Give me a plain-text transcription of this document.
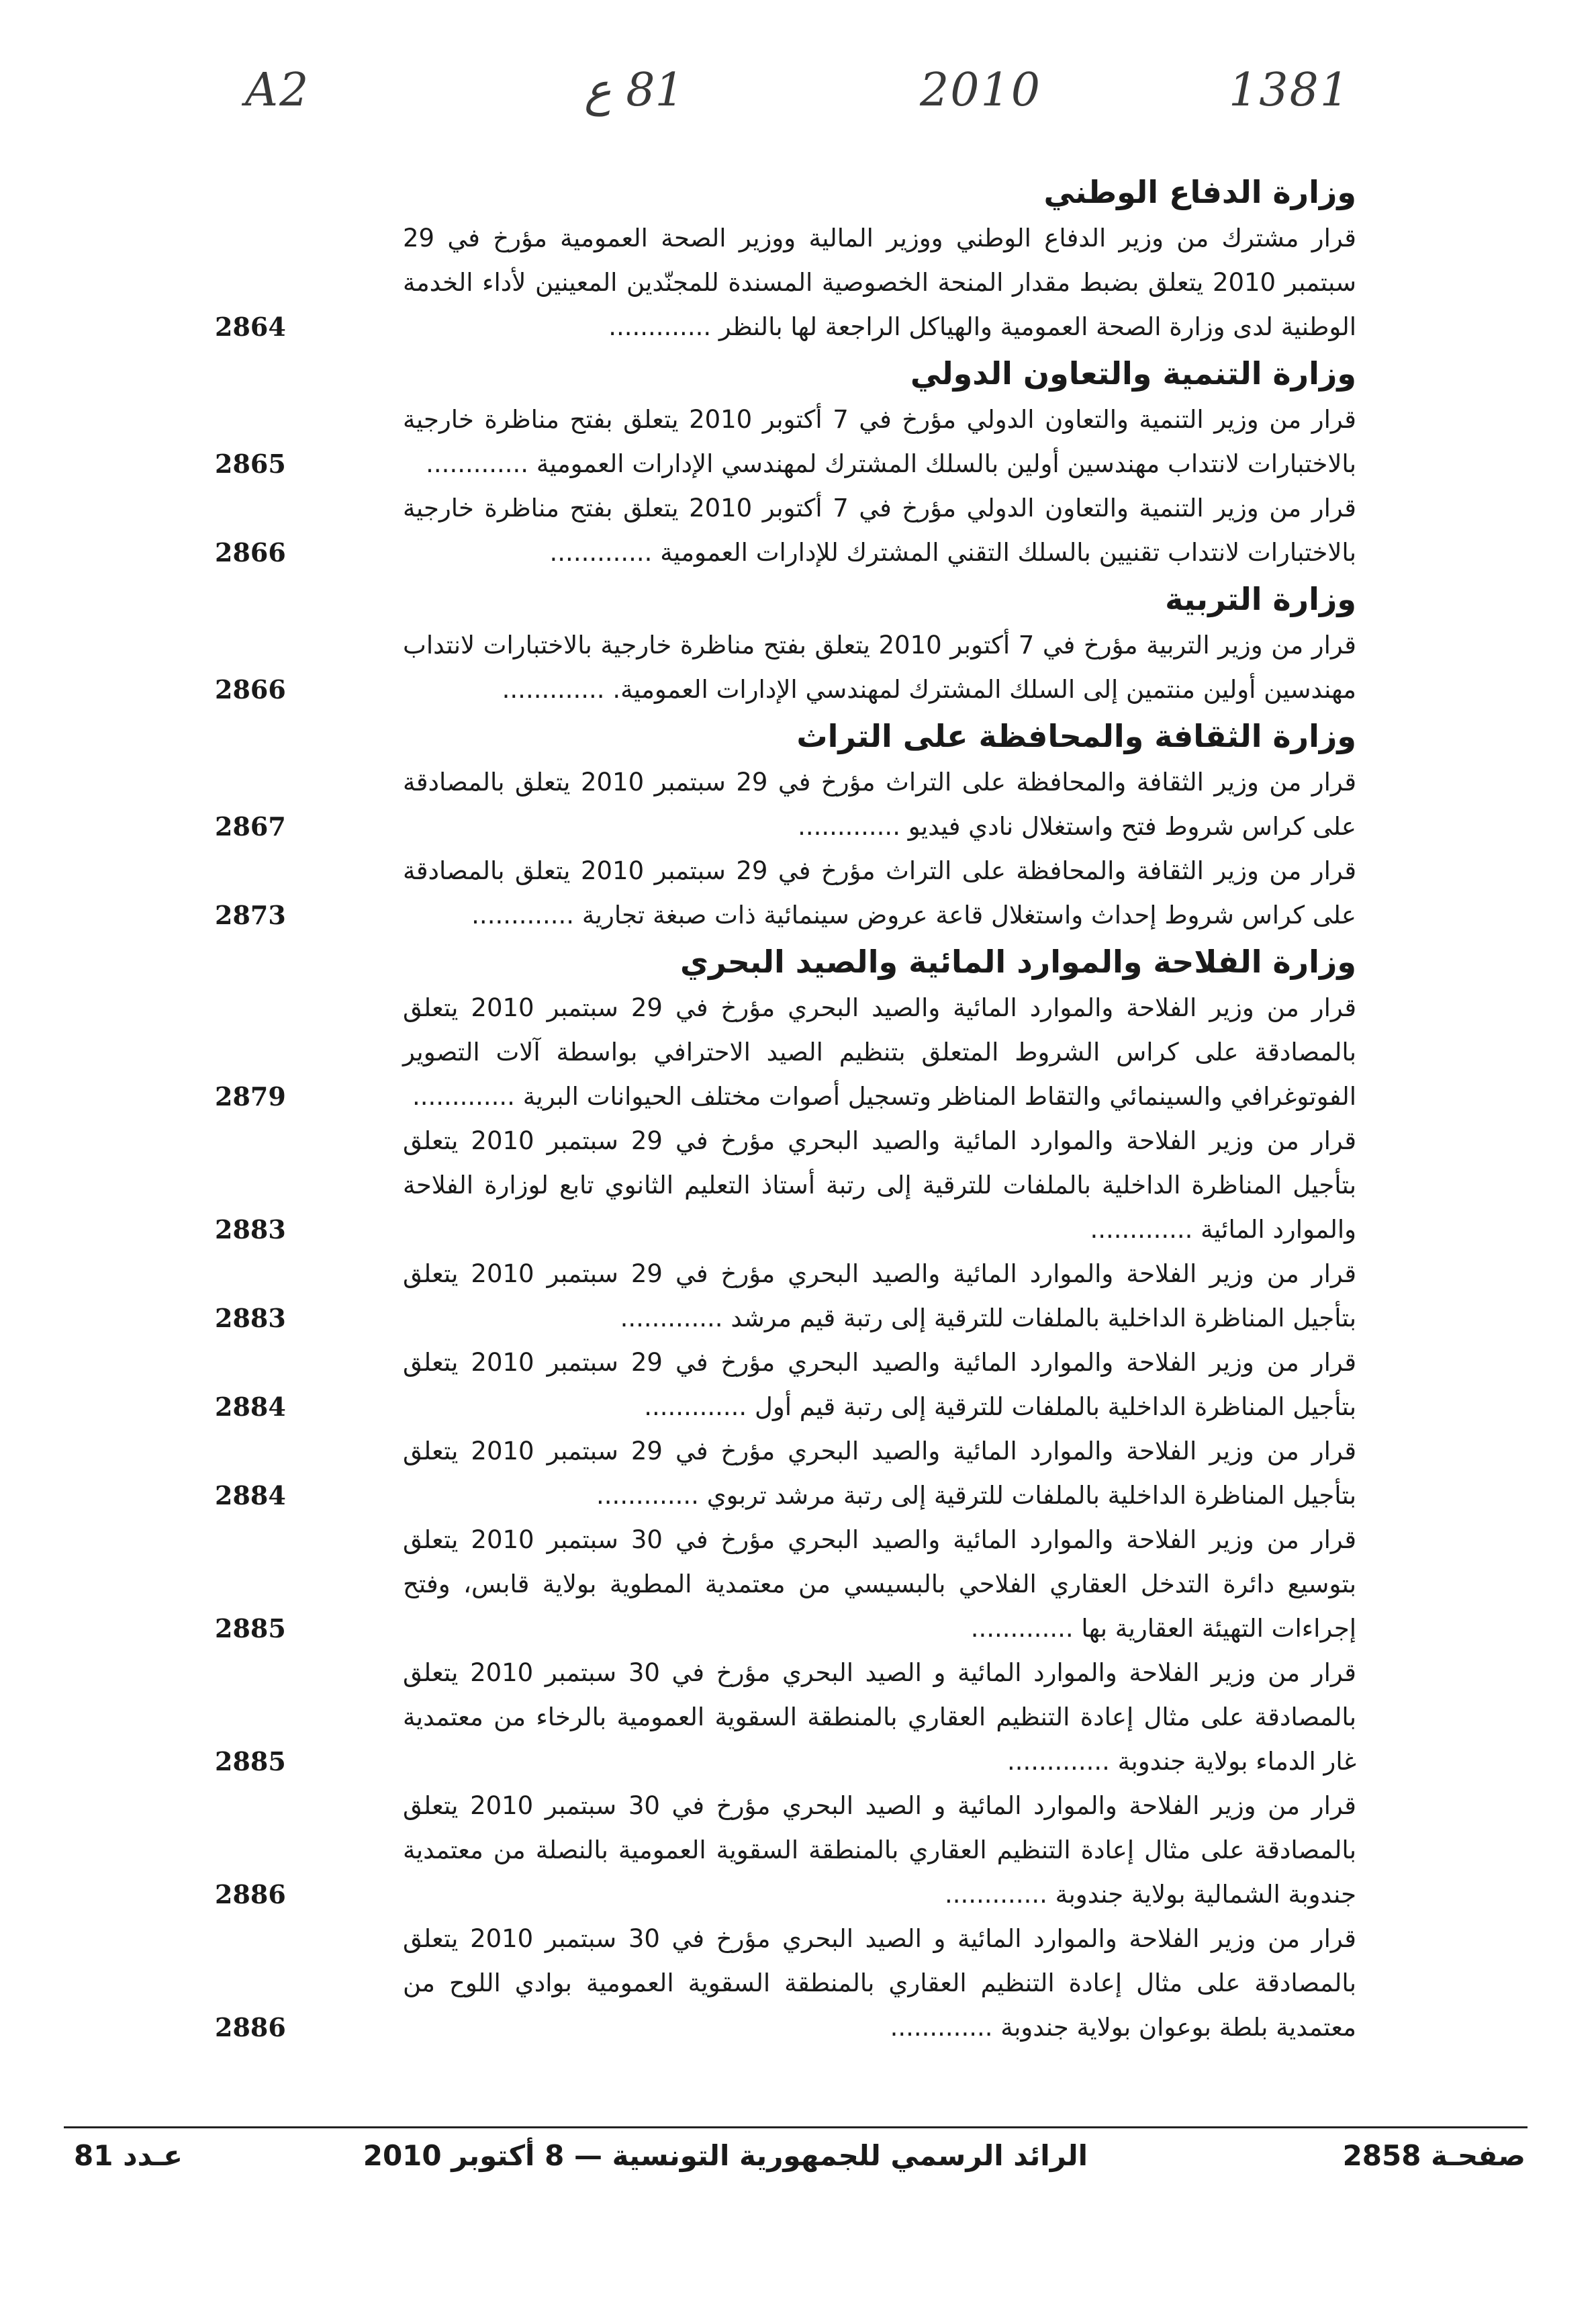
A2	81 ع	2010	1381
وزارة الدفاع الوطني
قرار مشترك من وزير الدفاع الوطني ووزير المالية ووزير الصحة العمومية مؤرخ في 29 سبتمبر 2010 يتعلق بضبط مقدار المنحة الخصوصية المسندة للمجنّدين المعينين لأداء الخدمة الوطنية لدى وزارة الصحة العمومية والهياكل الراجعة لها بالنظر .............
2864
وزارة التنمية والتعاون الدولي
قرار من وزير التنمية والتعاون الدولي مؤرخ في 7 أكتوبر 2010 يتعلق بفتح مناظرة خارجية بالاختبارات لانتداب مهندسين أولين بالسلك المشترك لمهندسي الإدارات العمومية .............
2865
قرار من وزير التنمية والتعاون الدولي مؤرخ في 7 أكتوبر 2010 يتعلق بفتح مناظرة خارجية بالاختبارات لانتداب تقنيين بالسلك التقني المشترك للإدارات العمومية .............
2866
وزارة التربية
قرار من وزير التربية مؤرخ في 7 أكتوبر 2010 يتعلق بفتح مناظرة خارجية بالاختبارات لانتداب مهندسين أولين منتمين إلى السلك المشترك لمهندسي الإدارات العمومية. .............
2866
وزارة الثقافة والمحافظة على التراث
قرار من وزير الثقافة والمحافظة على التراث مؤرخ في 29 سبتمبر 2010 يتعلق بالمصادقة على كراس شروط فتح واستغلال نادي فيديو .............
2867
قرار من وزير الثقافة والمحافظة على التراث مؤرخ في 29 سبتمبر 2010 يتعلق بالمصادقة على كراس شروط إحداث واستغلال قاعة عروض سينمائية ذات صبغة تجارية .............
2873
وزارة الفلاحة والموارد المائية والصيد البحري
قرار من وزير الفلاحة والموارد المائية والصيد البحري مؤرخ في 29 سبتمبر 2010 يتعلق بالمصادقة على كراس الشروط المتعلق بتنظيم الصيد الاحترافي بواسطة آلات التصوير الفوتوغرافي والسينمائي والتقاط المناظر وتسجيل أصوات مختلف الحيوانات البرية .............
2879
قرار من وزير الفلاحة والموارد المائية والصيد البحري مؤرخ في 29 سبتمبر 2010 يتعلق بتأجيل المناظرة الداخلية بالملفات للترقية إلى رتبة أستاذ التعليم الثانوي تابع لوزارة الفلاحة والموارد المائية .............
2883
قرار من وزير الفلاحة والموارد المائية والصيد البحري مؤرخ في 29 سبتمبر 2010 يتعلق بتأجيل المناظرة الداخلية بالملفات للترقية إلى رتبة قيم مرشد .............
2883
قرار من وزير الفلاحة والموارد المائية والصيد البحري مؤرخ في 29 سبتمبر 2010 يتعلق بتأجيل المناظرة الداخلية بالملفات للترقية إلى رتبة قيم أول .............
2884
قرار من وزير الفلاحة والموارد المائية والصيد البحري مؤرخ في 29 سبتمبر 2010 يتعلق بتأجيل المناظرة الداخلية بالملفات للترقية إلى رتبة مرشد تربوي .............
2884
قرار من وزير الفلاحة والموارد المائية والصيد البحري مؤرخ في 30 سبتمبر 2010 يتعلق بتوسيع دائرة التدخل العقاري الفلاحي بالبسيسي من معتمدية المطوية بولاية قابس، وفتح إجراءات التهيئة العقارية بها .............
2885
قرار من وزير الفلاحة والموارد المائية و الصيد البحري مؤرخ في 30 سبتمبر 2010 يتعلق بالمصادقة على مثال إعادة التنظيم العقاري بالمنطقة السقوية العمومية بالرخاء من معتمدية غار الدماء بولاية جندوبة .............
2885
قرار من وزير الفلاحة والموارد المائية و الصيد البحري مؤرخ في 30 سبتمبر 2010 يتعلق بالمصادقة على مثال إعادة التنظيم العقاري بالمنطقة السقوية العمومية بالنصلة من معتمدية جندوبة الشمالية بولاية جندوبة .............
2886
قرار من وزير الفلاحة والموارد المائية و الصيد البحري مؤرخ في 30 سبتمبر 2010 يتعلق بالمصادقة على مثال إعادة التنظيم العقاري بالمنطقة السقوية العمومية بوادي اللوح من معتمدية بلطة بوعوان بولاية جندوبة .............
2886
صفحـة 2858
الرائد الرسمي للجمهورية التونسية — 8 أكتوبر 2010
عـدد 81
